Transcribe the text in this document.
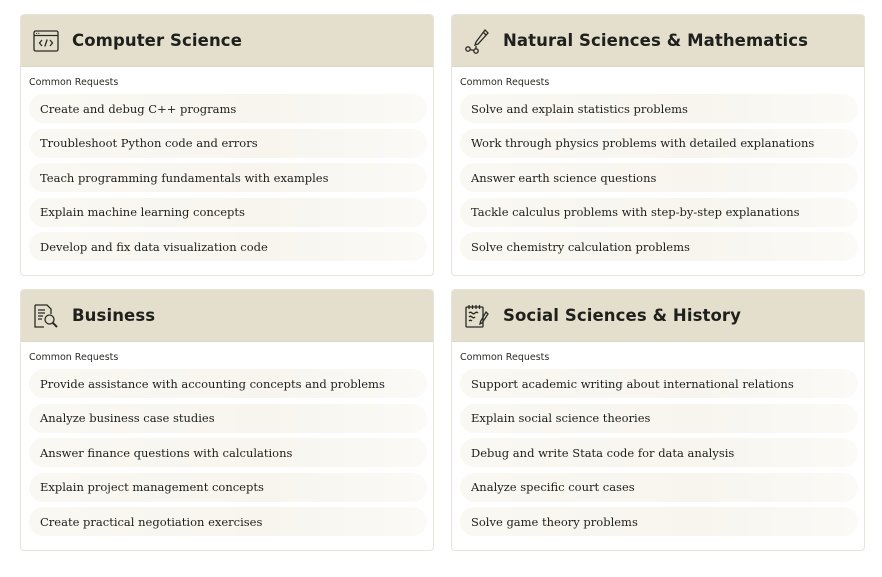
Computer Science
Common Requests
Create and debug C++ programs
Troubleshoot Python code and errors
Teach programming fundamentals with examples
Explain machine learning concepts
Develop and fix data visualization code
Natural Sciences & Mathematics
Common Requests
Solve and explain statistics problems
Work through physics problems with detailed explanations
Answer earth science questions
Tackle calculus problems with step-by-step explanations
Solve chemistry calculation problems
Business
Common Requests
Provide assistance with accounting concepts and problems
Analyze business case studies
Answer finance questions with calculations
Explain project management concepts
Create practical negotiation exercises
Social Sciences & History
Common Requests
Support academic writing about international relations
Explain social science theories
Debug and write Stata code for data analysis
Analyze specific court cases
Solve game theory problems
